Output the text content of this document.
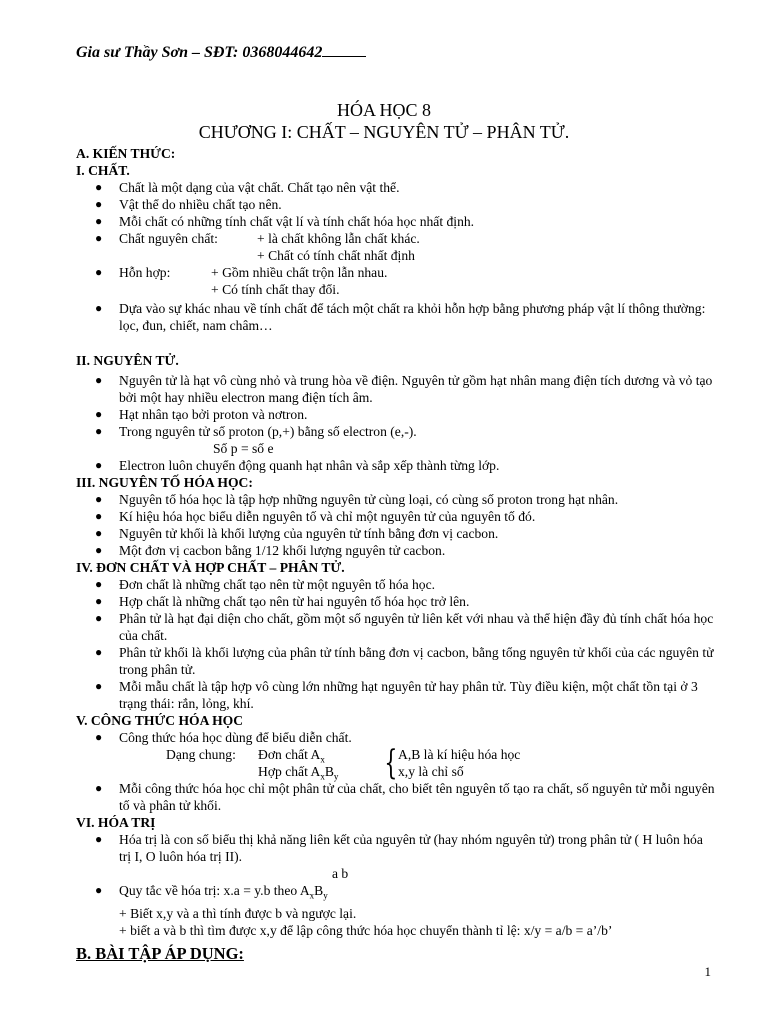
Gia sư Thầy Sơn – SĐT: 0368044642
HÓA HỌC 8
CHƯƠNG I: CHẤT – NGUYÊN TỬ – PHÂN TỬ.
A. KIẾN THỨC:
I. CHẤT.
● Chất là một dạng của vật chất. Chất tạo nên vật thể.
● Vật thể do nhiều chất tạo nên.
● Mỗi chất có những tính chất vật lí và tính chất hóa học nhất định.
● Chất nguyên chất:	+ là chất không lẫn chất khác.
+ Chất có tính chất nhất định
● Hỗn hợp:	+ Gồm nhiều chất trộn lẫn nhau.
+ Có tính chất thay đổi.
● Dựa vào sự khác nhau về tính chất để tách một chất ra khỏi hỗn hợp bằng phương pháp vật lí thông thường: lọc, đun, chiết, nam châm…
II. NGUYÊN TỬ.
● Nguyên tử là hạt vô cùng nhỏ và trung hòa về điện. Nguyên tử gồm hạt nhân mang điện tích dương và vỏ tạo bởi một hay nhiều electron mang điện tích âm.
● Hạt nhân tạo bởi proton và nơtron.
● Trong nguyên tử số proton (p,+) bằng số electron (e,-).
Số p = số e
● Electron luôn chuyển động quanh hạt nhân và sắp xếp thành từng lớp.
III. NGUYÊN TỐ HÓA HỌC:
● Nguyên tố hóa học là tập hợp những nguyên tử cùng loại, có cùng số proton trong hạt nhân.
● Kí hiệu hóa học biểu diễn nguyên tố và chỉ một nguyên tử của nguyên tố đó.
● Nguyên tử khối là khối lượng của nguyên tử tính bằng đơn vị cacbon.
● Một đơn vị cacbon bằng 1/12 khối lượng nguyên tử cacbon.
IV. ĐƠN CHẤT VÀ HỢP CHẤT – PHÂN TỬ.
● Đơn chất là những chất tạo nên từ một nguyên tố hóa học.
● Hợp chất là những chất tạo nên từ hai nguyên tố hóa học trở lên.
● Phân tử là hạt đại diện cho chất, gồm một số nguyên tử liên kết với nhau và thể hiện đầy đủ tính chất hóa học của chất.
● Phân tử khối là khối lượng của phân tử tính bằng đơn vị cacbon, bằng tổng nguyên tử khối của các nguyên tử trong phân tử.
● Mỗi mẫu chất là tập hợp vô cùng lớn những hạt nguyên tử hay phân tử. Tùy điều kiện, một chất tồn tại ở 3 trạng thái: rắn, lỏng, khí.
V. CÔNG THỨC HÓA HỌC
● Công thức hóa học dùng để biểu diễn chất.
Dạng chung: Đơn chất $A_x$ { A,B là kí hiệu hóa học
Hợp chất $A_xB_y$	x,y là chỉ số
● Mỗi công thức hóa học chỉ một phân tử của chất, cho biết tên nguyên tố tạo ra chất, số nguyên tử mỗi nguyên tố và phân tử khối.
VI. HÓA TRỊ
● Hóa trị là con số biểu thị khả năng liên kết của nguyên tử (hay nhóm nguyên tử) trong phân tử ( H luôn hóa trị I, O luôn hóa trị II).
a b
● Quy tắc về hóa trị: x.a = y.b theo $A_xB_y$
+ Biết x,y và a thì tính được b và ngược lại.
+ biết a và b thì tìm được x,y để lập công thức hóa học chuyển thành tỉ lệ: x/y = a/b = a’/b’
B. BÀI TẬP ÁP DỤNG:
1
